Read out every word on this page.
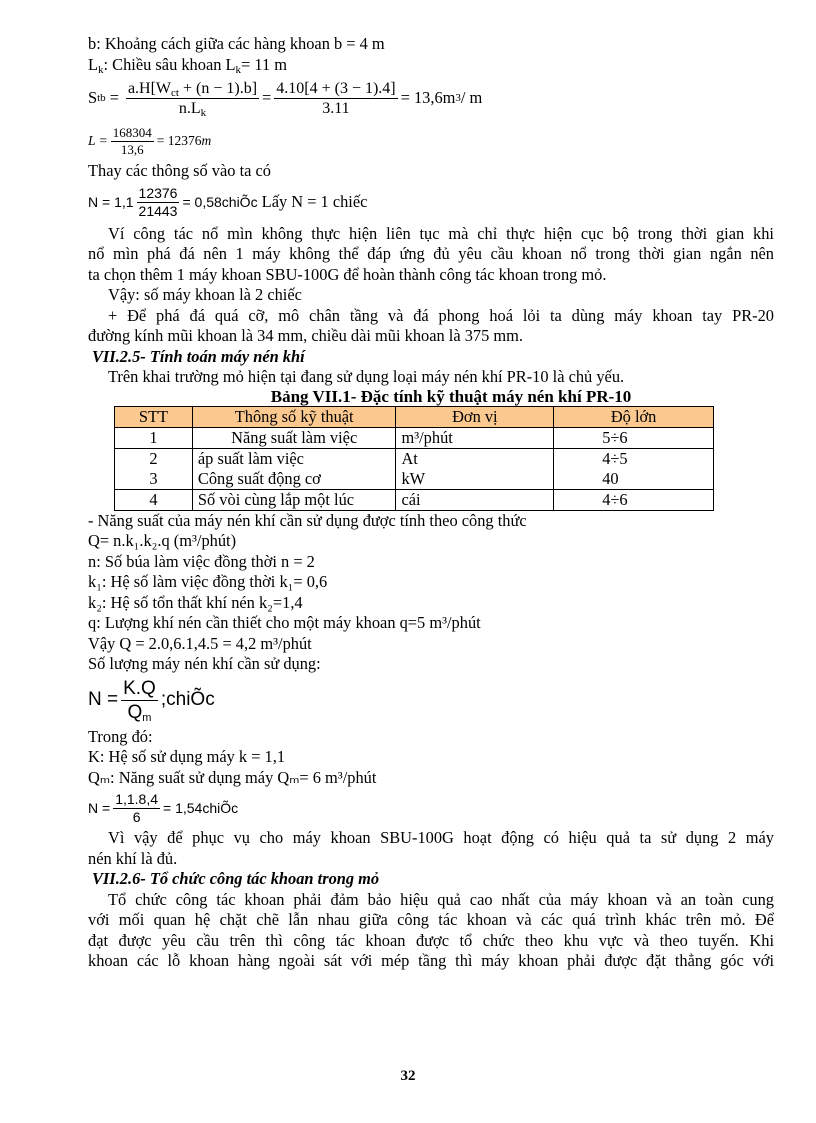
b: Khoảng cách giữa các hàng khoan b = 4 m
$L_k$: Chiều sâu khoan $L_k= 11$ m
S tb = $\frac{a.H[W_{ct} + (n - 1).b]}{n.L_k} = \frac{4.10[4 + (3 - 1).4]}{3.11} = 13,6m$ 3 / m
$L = \frac{168304}{13,6} = 12376$ m
Thay các thông số vào ta có
$N = 1,1 \frac{12376}{21443}$ = 0,58chiÕc Lấy N = 1 chiếc
Ví công tác nổ mìn không thực hiện liên tục mà chỉ thực hiện cục bộ trong thời gian khi
nổ mìn phá đá nên 1 máy không thể đáp ứng đủ yêu cầu khoan nổ trong thời gian ngắn nên
ta chọn thêm 1 máy khoan SBU-100G để hoàn thành công tác khoan trong mỏ.
Vậy: số máy khoan là 2 chiếc
+ Để phá đá quá cỡ, mô chân tầng và đá phong hoá lỏi ta dùng máy khoan tay PR-20
đường kính mũi khoan là 34 mm, chiều dài mũi khoan là 375 mm.
VII.2.5- Tính toán máy nén khí
Trên khai trường mỏ hiện tại đang sử dụng loại máy nén khí PR-10 là chủ yếu.
Bảng VII.1- Đặc tính kỹ thuật máy nén khí PR-10
STT	Thông số kỹ thuật	Đơn vị	Độ lớn
1	Năng suất làm việc	m³/phút	5÷6
2	áp suất làm việc	At	4÷5
3	Công suất động cơ	kW	40
4	Số vòi cùng lắp một lúc	cái	4÷6
- Năng suất của máy nén khí cần sử dụng được tính theo công thức
Q= n.k₁.k₂.q (m³/phút)
n: Số búa làm việc đồng thời n = 2
k₁: Hệ số làm việc đồng thời k₁= 0,6
k₂: Hệ số tổn thất khí nén k₂=1,4
q: Lượng khí nén cần thiết cho một máy khoan q=5 m³/phút
Vậy Q = 2.0,6.1,4.5 = 4,2 m³/phút
Số lượng máy nén khí cần sử dụng:
$N = \frac{K.Q}{Q_m}$ ;chiÕc
Trong đó:
K: Hệ số sử dụng máy k = 1,1
Qₘ: Năng suất sử dụng máy Qₘ= 6 m³/phút
$N = \frac{1,1.8,4}{6}$ = 1,54chiÕc
Vì vậy để phục vụ cho máy khoan SBU-100G hoạt động có hiệu quả ta sử dụng 2 máy
nén khí là đủ.
VII.2.6- Tổ chức công tác khoan trong mỏ
Tổ chức công tác khoan phải đảm bảo hiệu quả cao nhất của máy khoan và an toàn cung
với mối quan hệ chặt chẽ lẫn nhau giữa công tác khoan và các quá trình khác trên mỏ. Để
đạt được yêu cầu trên thì công tác khoan được tổ chức theo khu vực và theo tuyến. Khi
khoan các lỗ khoan hàng ngoài sát với mép tầng thì máy khoan phải được đặt thẳng góc với
32
